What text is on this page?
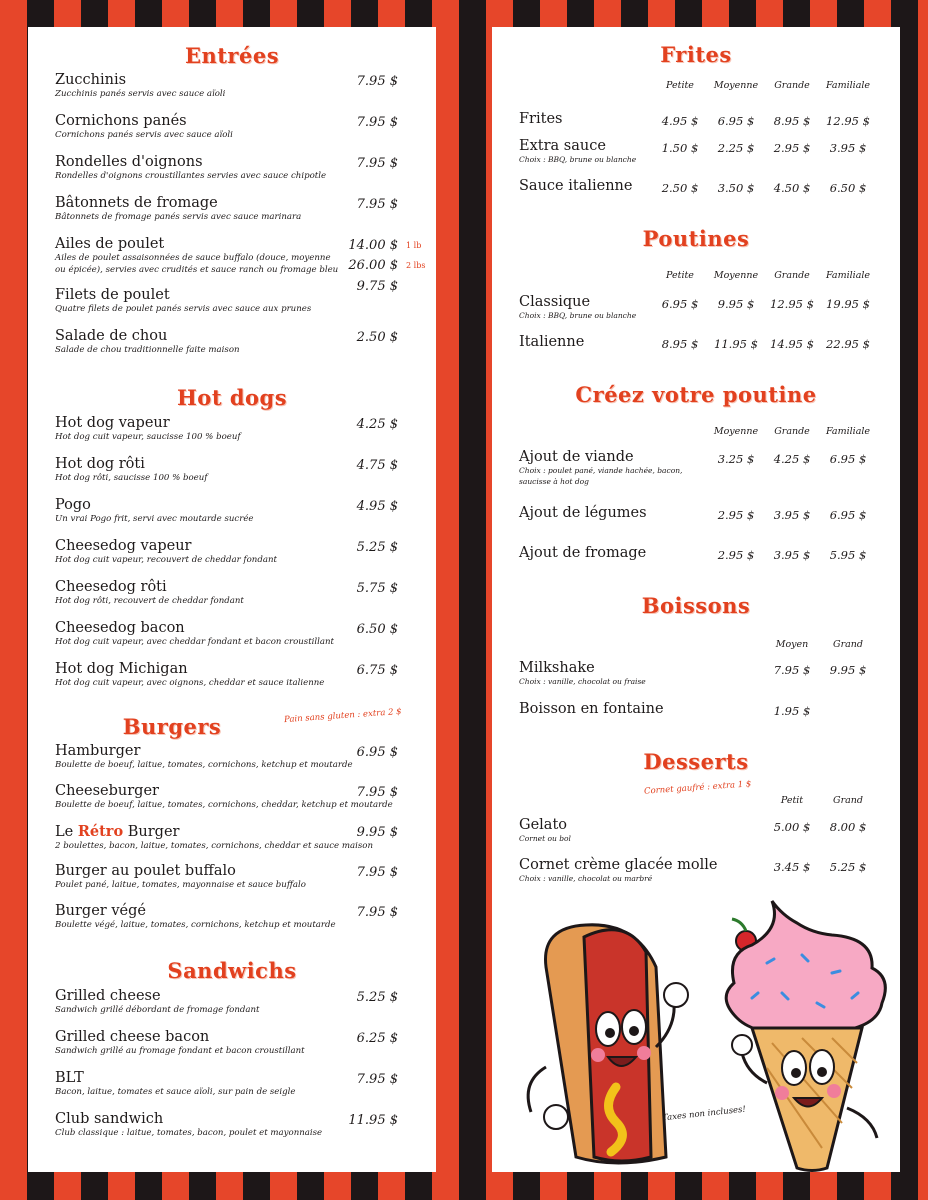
Entrées
Zucchinis
Zucchinis panés servis avec sauce aïoli
7.95 $
Cornichons panés
Cornichons panés servis avec sauce aïoli
7.95 $
Rondelles d'oignons
Rondelles d'oignons croustillantes servies avec sauce chipotle
7.95 $
Bâtonnets de fromage
Bâtonnets de fromage panés servis avec sauce marinara
7.95 $
Ailes de poulet
Ailes de poulet assaisonnées de sauce buffalo (douce, moyenne
ou épicée), servies avec crudités et sauce ranch ou fromage bleu
14.00 $ 1 lb
26.00 $ 2 lbs
Filets de poulet
Quatre filets de poulet panés servis avec sauce aux prunes
9.75 $
Salade de chou
Salade de chou traditionnelle faite maison
2.50 $
Hot dogs
Hot dog vapeur
Hot dog cuit vapeur, saucisse 100 % boeuf
4.25 $
Hot dog rôti
Hot dog rôti, saucisse 100 % boeuf
4.75 $
Pogo
Un vrai Pogo frit, servi avec moutarde sucrée
4.95 $
Cheesedog vapeur
Hot dog cuit vapeur, recouvert de cheddar fondant
5.25 $
Cheesedog rôti
Hot dog rôti, recouvert de cheddar fondant
5.75 $
Cheesedog bacon
Hot dog cuit vapeur, avec cheddar fondant et bacon croustillant
6.50 $
Hot dog Michigan
Hot dog cuit vapeur, avec oignons, cheddar et sauce italienne
6.75 $
Burgers	Pain sans gluten : extra 2 $
Hamburger
Boulette de boeuf, laitue, tomates, cornichons, ketchup et moutarde
6.95 $
Cheeseburger
Boulette de boeuf, laitue, tomates, cornichons, cheddar, ketchup et moutarde
7.95 $
Le Rétro Burger
2 boulettes, bacon, laitue, tomates, cornichons, cheddar et sauce maison
9.95 $
Burger au poulet buffalo
Poulet pané, laitue, tomates, mayonnaise et sauce buffalo
7.95 $
Burger végé
Boulette végé, laitue, tomates, cornichons, ketchup et moutarde
7.95 $
Sandwichs
Grilled cheese
Sandwich grillé débordant de fromage fondant
5.25 $
Grilled cheese bacon
Sandwich grillé au fromage fondant et bacon croustillant
6.25 $
BLT
Bacon, laitue, tomates et sauce aïoli, sur pain de seigle
7.95 $
Club sandwich
Club classique : laitue, tomates, bacon, poulet et mayonnaise
11.95 $
Frites
Petite	Moyenne	Grande	Familiale
Frites	4.95 $	6.95 $	8.95 $	12.95 $
Extra sauce
Choix : BBQ, brune ou blanche
1.50 $	2.25 $	2.95 $	3.95 $
Sauce italienne	2.50 $	3.50 $	4.50 $	6.50 $
Poutines
Petite	Moyenne	Grande	Familiale
Classique
Choix : BBQ, brune ou blanche
6.95 $	9.95 $	12.95 $	19.95 $
Italienne	8.95 $	11.95 $	14.95 $	22.95 $
Créez votre poutine
Moyenne	Grande	Familiale
Ajout de viande
Choix : poulet pané, viande hachée, bacon,
saucisse à hot dog
3.25 $	4.25 $	6.95 $
Ajout de légumes	2.95 $	3.95 $	6.95 $
Ajout de fromage	2.95 $	3.95 $	5.95 $
Boissons
Moyen	Grand
Milkshake
Choix : vanille, chocolat ou fraise
7.95 $	9.95 $
Boisson en fontaine	1.95 $
Desserts
Cornet gaufré : extra 1 $
Petit	Grand
Gelato
Cornet ou bol
5.00 $	8.00 $
Cornet crème glacée molle
Choix : vanille, chocolat ou marbré
3.45 $	5.25 $
Taxes non incluses!
